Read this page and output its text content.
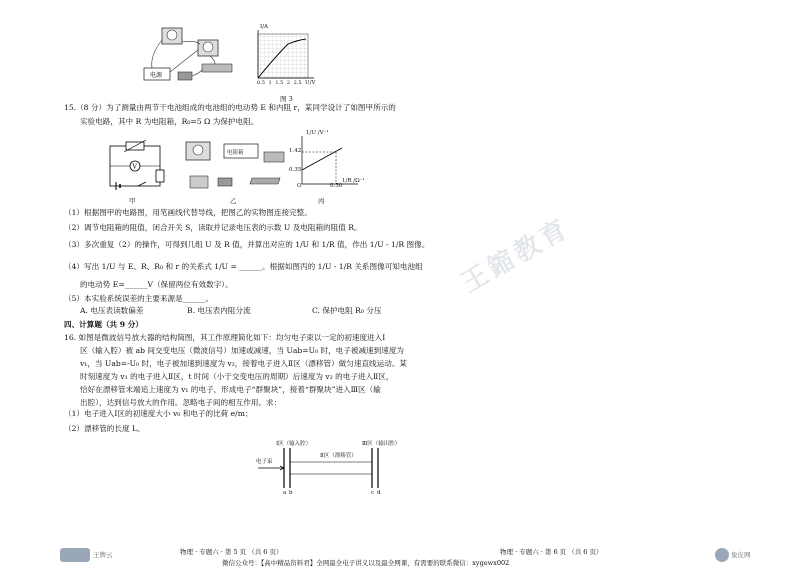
王鏥教育
电源
I/A
U/V
0.5 1 1.5 2 2.5
图 3
15.（8 分）为了测量由两节干电池组成的电池组的电动势 E 和内阻 r，某同学设计了如图甲所示的
实验电路，其中 R 为电阻箱，R₀=5 Ω 为保护电阻。
V
甲
电阻箱
乙
1/U /V⁻¹
1.42
0.35
O	0.50
1/R /Ω⁻¹
丙
（1）根据图甲的电路图，用笔画线代替导线，把图乙的实物图连接完整。
（2）调节电阻箱的阻值，闭合开关 S，读取并记录电压表的示数 U 及电阻箱的阻值 R。
（3）多次重复（2）的操作，可得到几组 U 及 R 值，并算出对应的 1/U 和 1/R 值，作出 1/U - 1/R 图像。
（4）写出 1/U 与 E、R、R₀ 和 r 的关系式 1/U = ______。根据如图丙的 1/U - 1/R 关系图像可知电池组
的电动势 E=______V（保留两位有效数字）。
（5）本实验系统误差的主要来源是______。
A. 电压表读数偏差	B. 电压表内阻分流	C. 保护电阻 R₀ 分压
四、计算题（共 9 分）
16. 如图是微波信号放大器的结构简图，其工作原理简化如下：均匀电子束以一定的初速度进入Ⅰ
区（输入腔）被 ab 间交变电压（微波信号）加速或减速，当 Uab=U₀ 时，电子被减速到速度为
v₁，当 Uab=-U₀ 时，电子被加速到速度为 v₂，接着电子进入Ⅱ区（漂移管）做匀速直线运动。某
时刻速度为 v₁ 的电子进入Ⅱ区，t 时间（小于交变电压的周期）后速度为 v₂ 的电子进入Ⅱ区，
恰好在漂移管末端追上速度为 v₁ 的电子，形成电子“群聚块”，接着“群聚块”进入Ⅲ区（输
出腔），达到信号放大的作用。忽略电子间的相互作用。求：
（1）电子进入Ⅰ区的初速度大小 v₀ 和电子的比荷 e/m；
（2）漂移管的长度 L。
Ⅰ区（输入腔）
Ⅱ区（漂移管）
Ⅲ区（输出腔）
电子束
a b	c d
王牌云	物理 · 专题六 · 第 5 页 （共 6 页）	物理 · 专题六 · 第 6 页 （共 6 页）
微信公众号：【高中精品资料君】全网最全电子讲义以及最全网课，有需要的联系微信：xygewx002
象皮网
